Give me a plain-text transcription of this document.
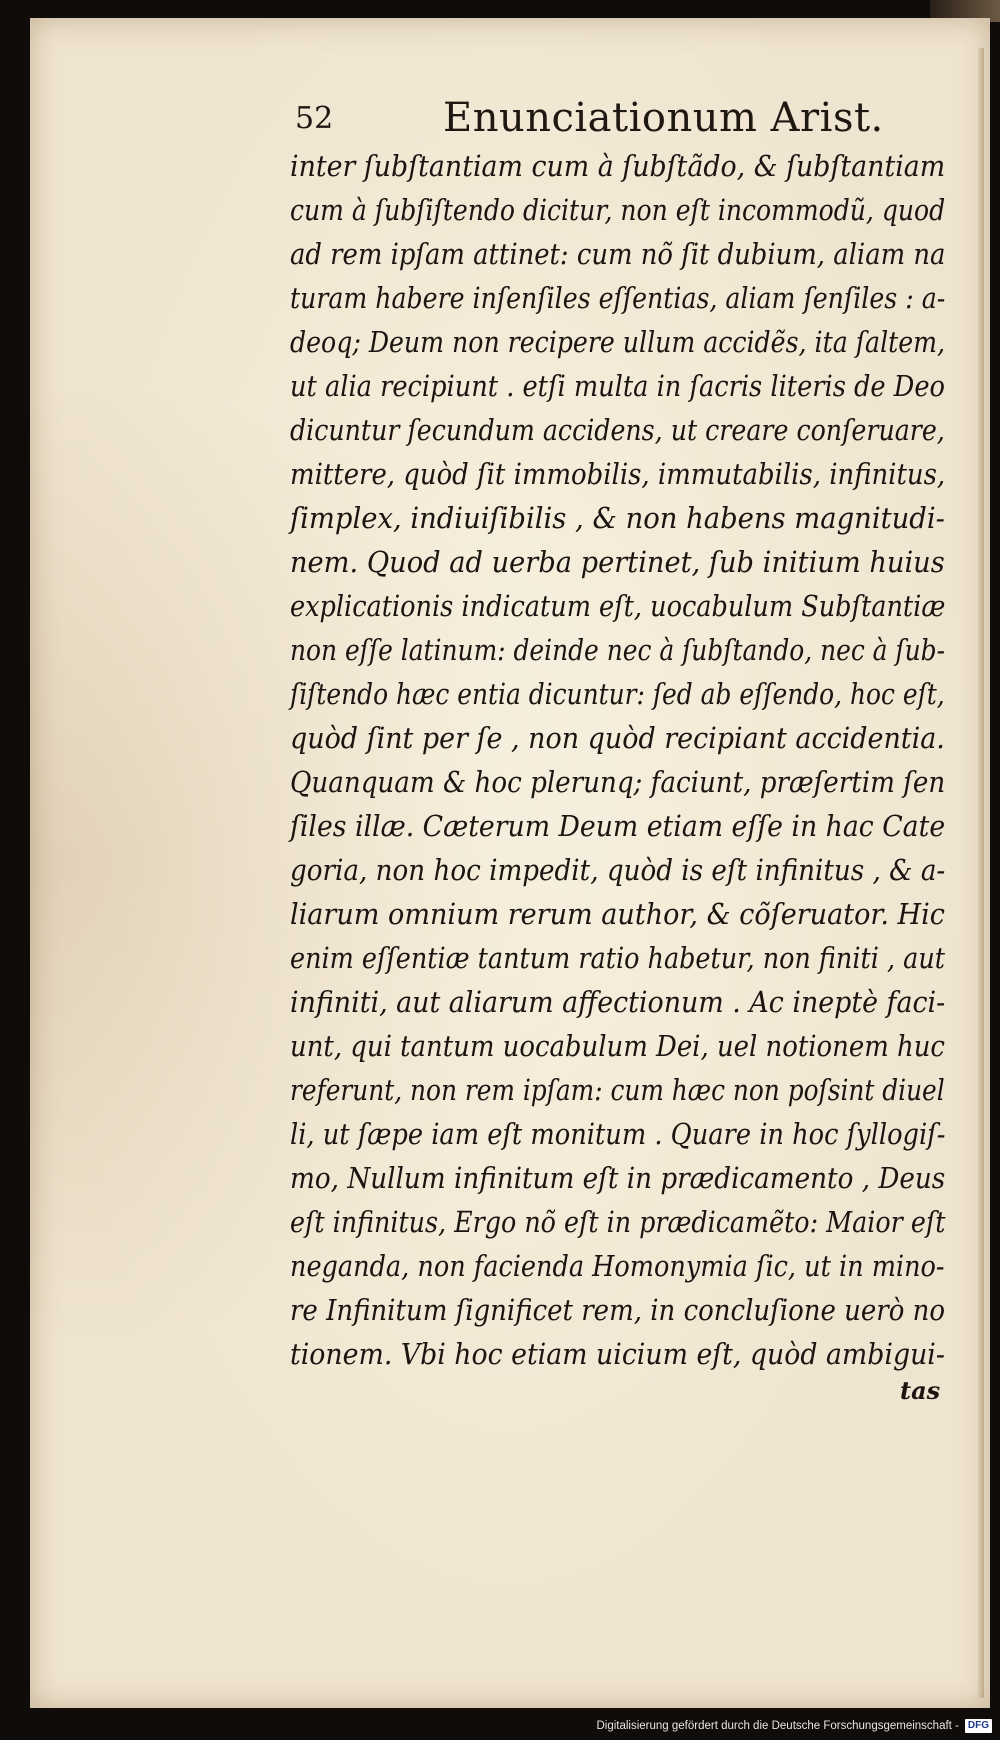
52	Enunciationum Arist.
inter ſubſtantiam cum à ſubſtãdo, & ſubſtantiam
cum à ſubſiſtendo dicitur, non eſt incommodũ, quod
ad rem ipſam attinet: cum nõ ſit dubium, aliam na
turam habere inſenſiles eſſentias, aliam ſenſiles : a-
deoq; Deum non recipere ullum accidẽs, ita ſaltem,
ut alia recipiunt . etſi multa in ſacris literis de Deo
dicuntur ſecundum accidens, ut creare conſeruare,
mittere, quòd ſit immobilis, immutabilis, infinitus,
ſimplex, indiuiſibilis , & non habens magnitudi-
nem. Quod ad uerba pertinet, ſub initium huius
explicationis indicatum eſt, uocabulum Subſtantiæ
non eſſe latinum: deinde nec à ſubſtando, nec à ſub-
ſiſtendo hæc entia dicuntur: ſed ab eſſendo, hoc eſt,
quòd ſint per ſe , non quòd recipiant accidentia.
Quanquam & hoc plerunq; faciunt, præſertim ſen
ſiles illæ. Cæterum Deum etiam eſſe in hac Cate
goria, non hoc impedit, quòd is eſt infinitus , & a-
liarum omnium rerum author, & cõſeruator. Hic
enim eſſentiæ tantum ratio habetur, non finiti , aut
infiniti, aut aliarum affectionum . Ac ineptè faci-
unt, qui tantum uocabulum Dei, uel notionem huc
referunt, non rem ipſam: cum hæc non poſsint diuel
li, ut ſæpe iam eſt monitum . Quare in hoc ſyllogiſ-
mo, Nullum infinitum eſt in prædicamento , Deus
eſt infinitus, Ergo nõ eſt in prædicamẽto: Maior eſt
neganda, non facienda Homonymia ſic, ut in mino-
re Infinitum ſignificet rem, in concluſione uerò no
tionem. Vbi hoc etiam uicium eſt, quòd ambigui-
tas
Digitalisierung gefördert durch die Deutsche Forschungsgemeinschaft - DFG
